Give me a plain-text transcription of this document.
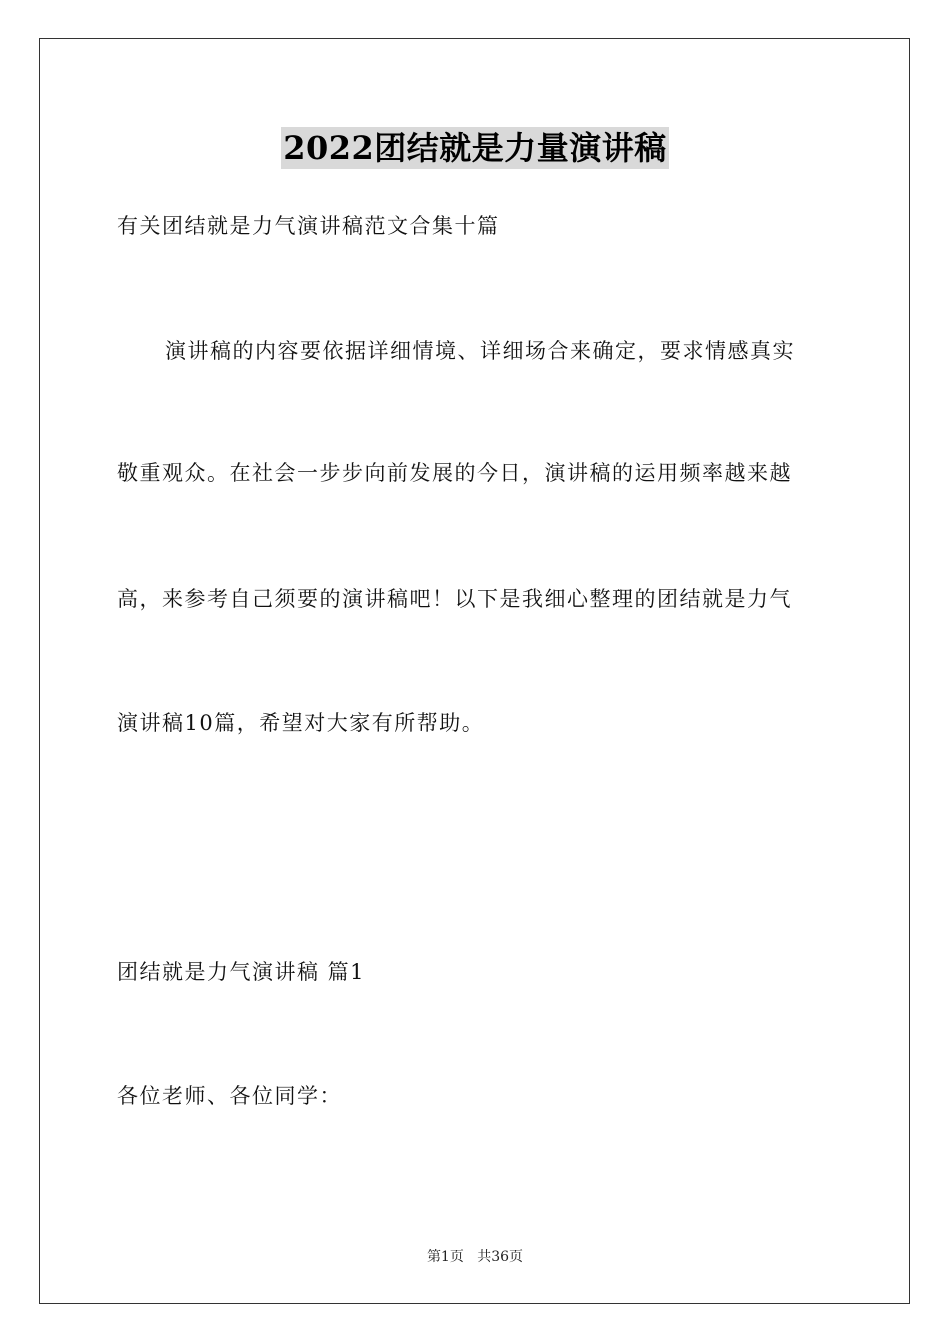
2022团结就是力量演讲稿
有关团结就是力气演讲稿范文合集十篇
演讲稿的内容要依据详细情境、详细场合来确定，要求情感真实
敬重观众。在社会一步步向前发展的今日，演讲稿的运用频率越来越
高，来参考自己须要的演讲稿吧！以下是我细心整理的团结就是力气
演讲稿10篇，希望对大家有所帮助。
团结就是力气演讲稿 篇1
各位老师、各位同学：
第1页 共36页
